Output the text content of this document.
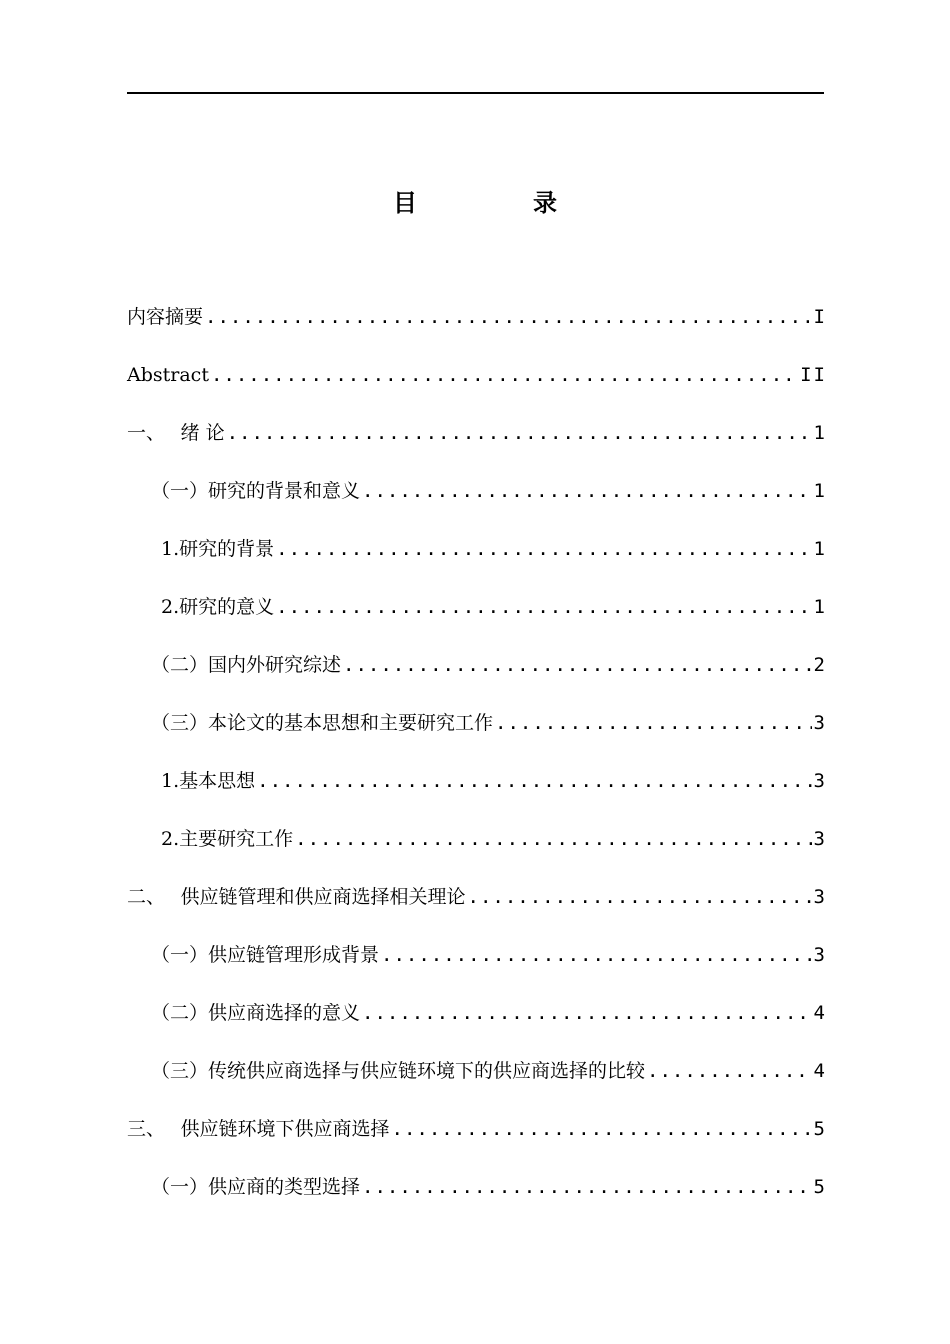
目　录
内容摘要 .....	I
Abstract .....	II
一、　 绪 论 .....	1
（一）研究的背景和意义 .....	1
1.研究的背景 .....	1
2.研究的意义 .....	1
（二）国内外研究综述 .....	2
（三）本论文的基本思想和主要研究工作 .....	3
1.基本思想 .....	3
2.主要研究工作 .....	3
二、　 供应链管理和供应商选择相关理论 .....	3
（一）供应链管理形成背景 .....	3
（二）供应商选择的意义 .....	4
（三）传统供应商选择与供应链环境下的供应商选择的比较 .....	4
三、　 供应链环境下供应商选择 .....	5
（一）供应商的类型选择 .....	5
